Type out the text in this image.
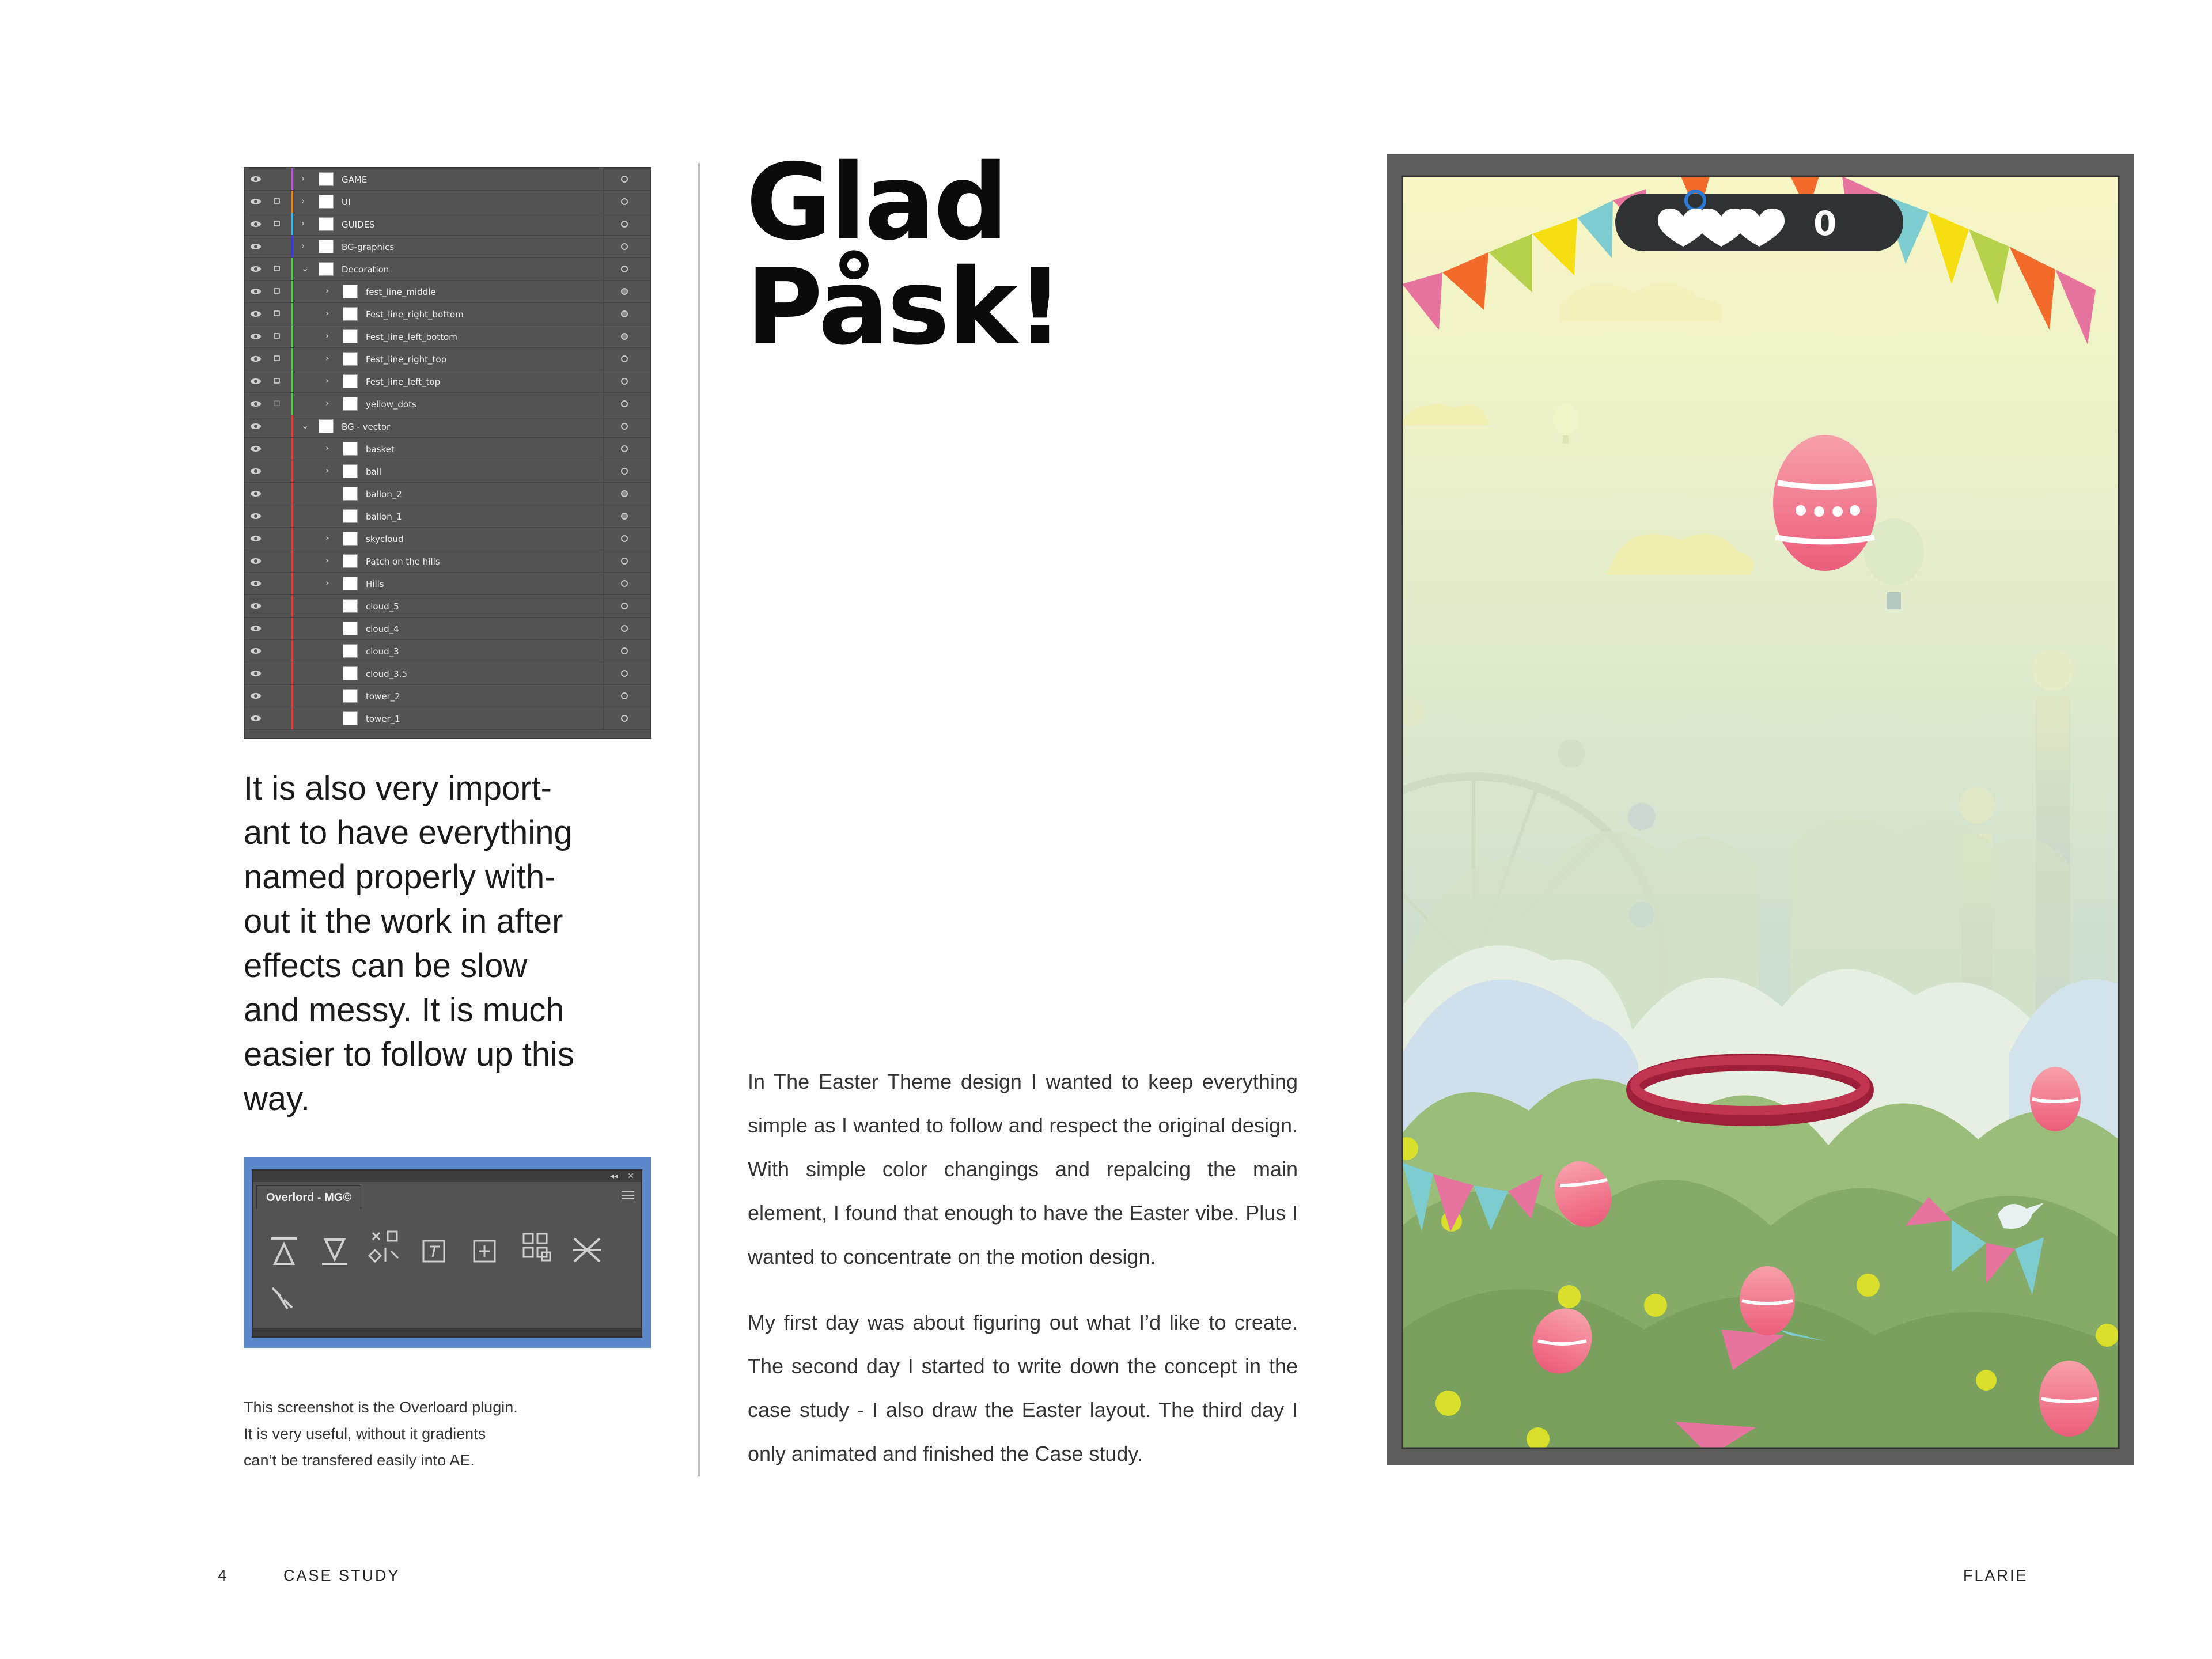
›	GAME
›	UI
›	GUIDES
›	BG-graphics
⌄	Decoration
›	fest_line_middle
›	Fest_line_right_bottom
›	Fest_line_left_bottom
›	Fest_line_right_top
›	Fest_line_left_top
›	yellow_dots
⌄	BG - vector
›	basket
›	ball
ballon_2
ballon_1
›	skycloud
›	Patch on the hills
›	Hills
cloud_5
cloud_4
cloud_3
cloud_3.5
tower_2
tower_1

It is also very import-
ant to have everything
named properly with-
out it the work in after
effects can be slow
and messy. It is much
easier to follow up this
way.

◂◂ ✕
Overlord - MG©

This screenshot is the Overloard plugin.
It is very useful, without it gradients
can’t be transfered easily into AE.

Glad
Påsk!

In The Easter Theme design I wanted to keep everything simple as I wanted to follow and respect the original design. With simple color changings and repalcing the main element, I found that enough to have the Easter vibe. Plus I wanted to concentrate on the motion design.

My first day was about figuring out what I’d like to create. The second day I started to write down the concept in the case study - I also draw the Easter layout. The third day I only animated and finished the Case study.

0
4	CASE STUDY	FLARIE
